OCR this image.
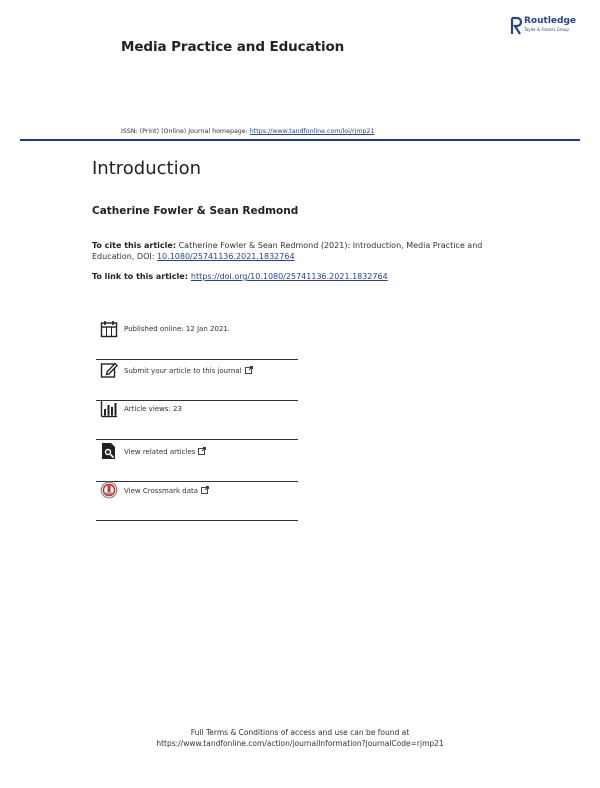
Media Practice and Education
Routledge
Taylor & Francis Group
ISSN: (Print) (Online) Journal homepage: https://www.tandfonline.com/loi/rjmp21
Introduction
Catherine Fowler & Sean Redmond
To cite this article: Catherine Fowler & Sean Redmond (2021): Introduction, Media Practice and Education, DOI: 10.1080/25741136.2021.1832764
To link to this article: https://doi.org/10.1080/25741136.2021.1832764
Published online: 12 Jan 2021.
Submit your article to this journal
Article views: 23
View related articles
View Crossmark data
Full Terms & Conditions of access and use can be found at
https://www.tandfonline.com/action/journalInformation?journalCode=rjmp21
